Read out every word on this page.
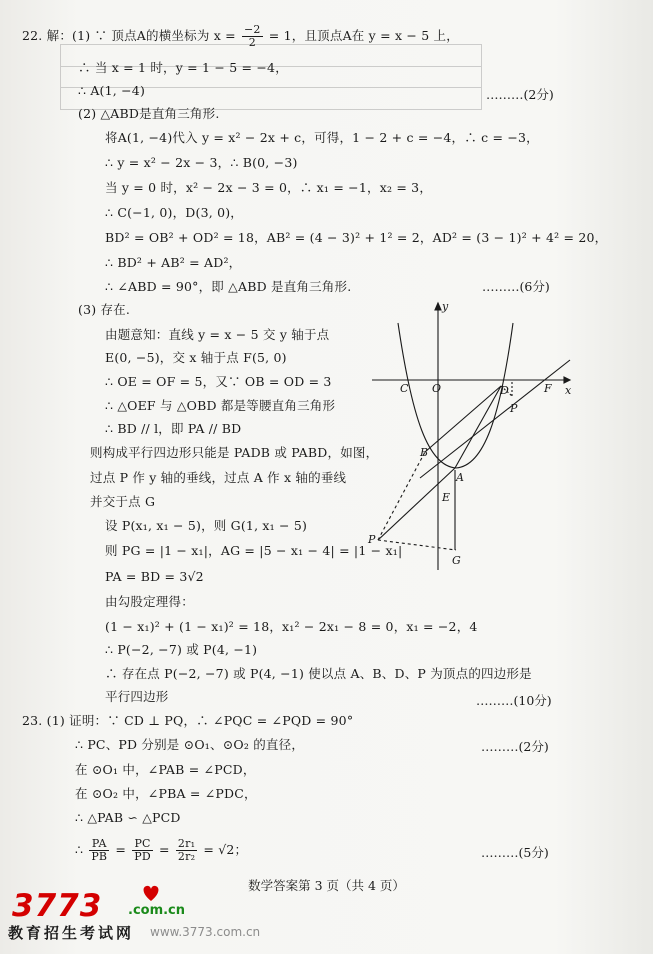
22. 解：(1) ∵ 顶点A的横坐标为 $x = \frac{-2}{2} = 1$，且顶点A在 y = x − 5 上，
∴ 当 x = 1 时，y = 1 − 5 = −4，
∴ A(1, −4)	………(2分)
(2) △ABD是直角三角形.
将A(1, −4)代入 y = x² − 2x + c，可得，1 − 2 + c = −4，∴ c = −3，
∴ y = x² − 2x − 3，∴ B(0, −3)
当 y = 0 时，x² − 2x − 3 = 0，∴ x₁ = −1，x₂ = 3，
∴ C(−1, 0)，D(3, 0)，
BD² = OB² + OD² = 18，AB² = (4 − 3)² + 1² = 2，AD² = (3 − 1)² + 4² = 20，
∴ BD² + AB² = AD²，
∴ ∠ABD = 90°，即 △ABD 是直角三角形.	………(6分)
(3) 存在.
由题意知：直线 y = x − 5 交 y 轴于点
E(0, −5)，交 x 轴于点 F(5, 0)
∴ OE = OF = 5，又∵ OB = OD = 3
∴ △OEF 与 △OBD 都是等腰直角三角形
∴ BD // l，即 PA // BD
则构成平行四边形只能是 PADB 或 PABD，如图，
过点 P 作 y 轴的垂线，过点 A 作 x 轴的垂线
并交于点 G
设 P(x₁, x₁ − 5)，则 G(1, x₁ − 5)
则 PG = |1 − x₁|，AG = |5 − x₁ − 4| = |1 − x₁|
PA = BD = 3√2
由勾股定理得：
(1 − x₁)² + (1 − x₁)² = 18，x₁² − 2x₁ − 8 = 0，x₁ = −2，4
∴ P(−2, −7) 或 P(4, −1)
∴ 存在点 P(−2, −7) 或 P(4, −1) 使以点 A、B、D、P 为顶点的四边形是
平行四边形	………(10分)
y
x
C O	D	F
P
B
A
E
P
G
23. (1) 证明：∵ CD ⊥ PQ，∴ ∠PQC = ∠PQD = 90°
∴ PC、PD 分别是 ⊙O₁、⊙O₂ 的直径，	………(2分)
在 ⊙O₁ 中，∠PAB = ∠PCD，
在 ⊙O₂ 中，∠PBA = ∠PDC，
∴ △PAB ∽ △PCD
∴ $\frac{PA}{PB} = \frac{PC}{PD} = \frac{\text{2r₁}}{\text{2r₂}} = √2$；	………(5分)
数学答案第 3 页（共 4 页）
3773 .com.cn
教育招生考试网 www.3773.com.cn
